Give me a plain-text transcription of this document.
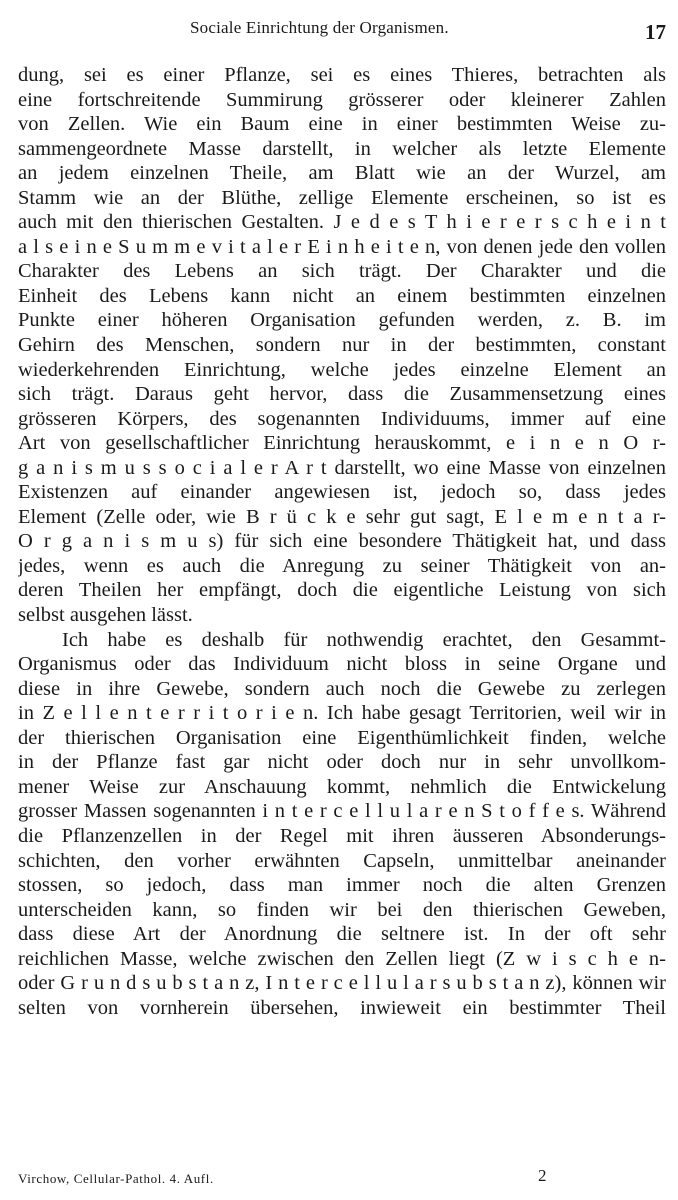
Sociale Einrichtung der Organismen.	17
dung, sei es einer Pflanze, sei es eines Thieres, betrachten als
eine fortschreitende Summirung grösserer oder kleinerer Zahlen
von Zellen. Wie ein Baum eine in einer bestimmten Weise zu-
sammengeordnete Masse darstellt, in welcher als letzte Elemente
an jedem einzelnen Theile, am Blatt wie an der Wurzel, am
Stamm wie an der Blüthe, zellige Elemente erscheinen, so ist es
auch mit den thierischen Gestalten. J e d e s T h i e r e r s c h e i n t
a l s e i n e S u m m e v i t a l e r E i n h e i t e n, von denen jede den vollen
Charakter des Lebens an sich trägt. Der Charakter und die
Einheit des Lebens kann nicht an einem bestimmten einzelnen
Punkte einer höheren Organisation gefunden werden, z. B. im
Gehirn des Menschen, sondern nur in der bestimmten, constant
wiederkehrenden Einrichtung, welche jedes einzelne Element an
sich trägt. Daraus geht hervor, dass die Zusammensetzung eines
grösseren Körpers, des sogenannten Individuums, immer auf eine
Art von gesellschaftlicher Einrichtung herauskommt, e i n e n O r-
g a n i s m u s s o c i a l e r A r t darstellt, wo eine Masse von einzelnen
Existenzen auf einander angewiesen ist, jedoch so, dass jedes
Element (Zelle oder, wie B r ü c k e sehr gut sagt, E l e m e n t a r-
O r g a n i s m u s) für sich eine besondere Thätigkeit hat, und dass
jedes, wenn es auch die Anregung zu seiner Thätigkeit von an-
deren Theilen her empfängt, doch die eigentliche Leistung von sich
selbst ausgehen lässt.
Ich habe es deshalb für nothwendig erachtet, den Gesammt-
Organismus oder das Individuum nicht bloss in seine Organe und
diese in ihre Gewebe, sondern auch noch die Gewebe zu zerlegen
in Z e l l e n t e r r i t o r i e n. Ich habe gesagt Territorien, weil wir in
der thierischen Organisation eine Eigenthümlichkeit finden, welche
in der Pflanze fast gar nicht oder doch nur in sehr unvollkom-
mener Weise zur Anschauung kommt, nehmlich die Entwickelung
grosser Massen sogenannten i n t e r c e l l u l a r e n S t o f f e s. Während
die Pflanzenzellen in der Regel mit ihren äusseren Absonderungs-
schichten, den vorher erwähnten Capseln, unmittelbar aneinander
stossen, so jedoch, dass man immer noch die alten Grenzen
unterscheiden kann, so finden wir bei den thierischen Geweben,
dass diese Art der Anordnung die seltnere ist. In der oft sehr
reichlichen Masse, welche zwischen den Zellen liegt (Z w i s c h e n-
oder G r u n d s u b s t a n z, I n t e r c e l l u l a r s u b s t a n z), können wir
selten von vornherein übersehen, inwieweit ein bestimmter Theil
Virchow, Cellular-Pathol. 4. Aufl.	2
